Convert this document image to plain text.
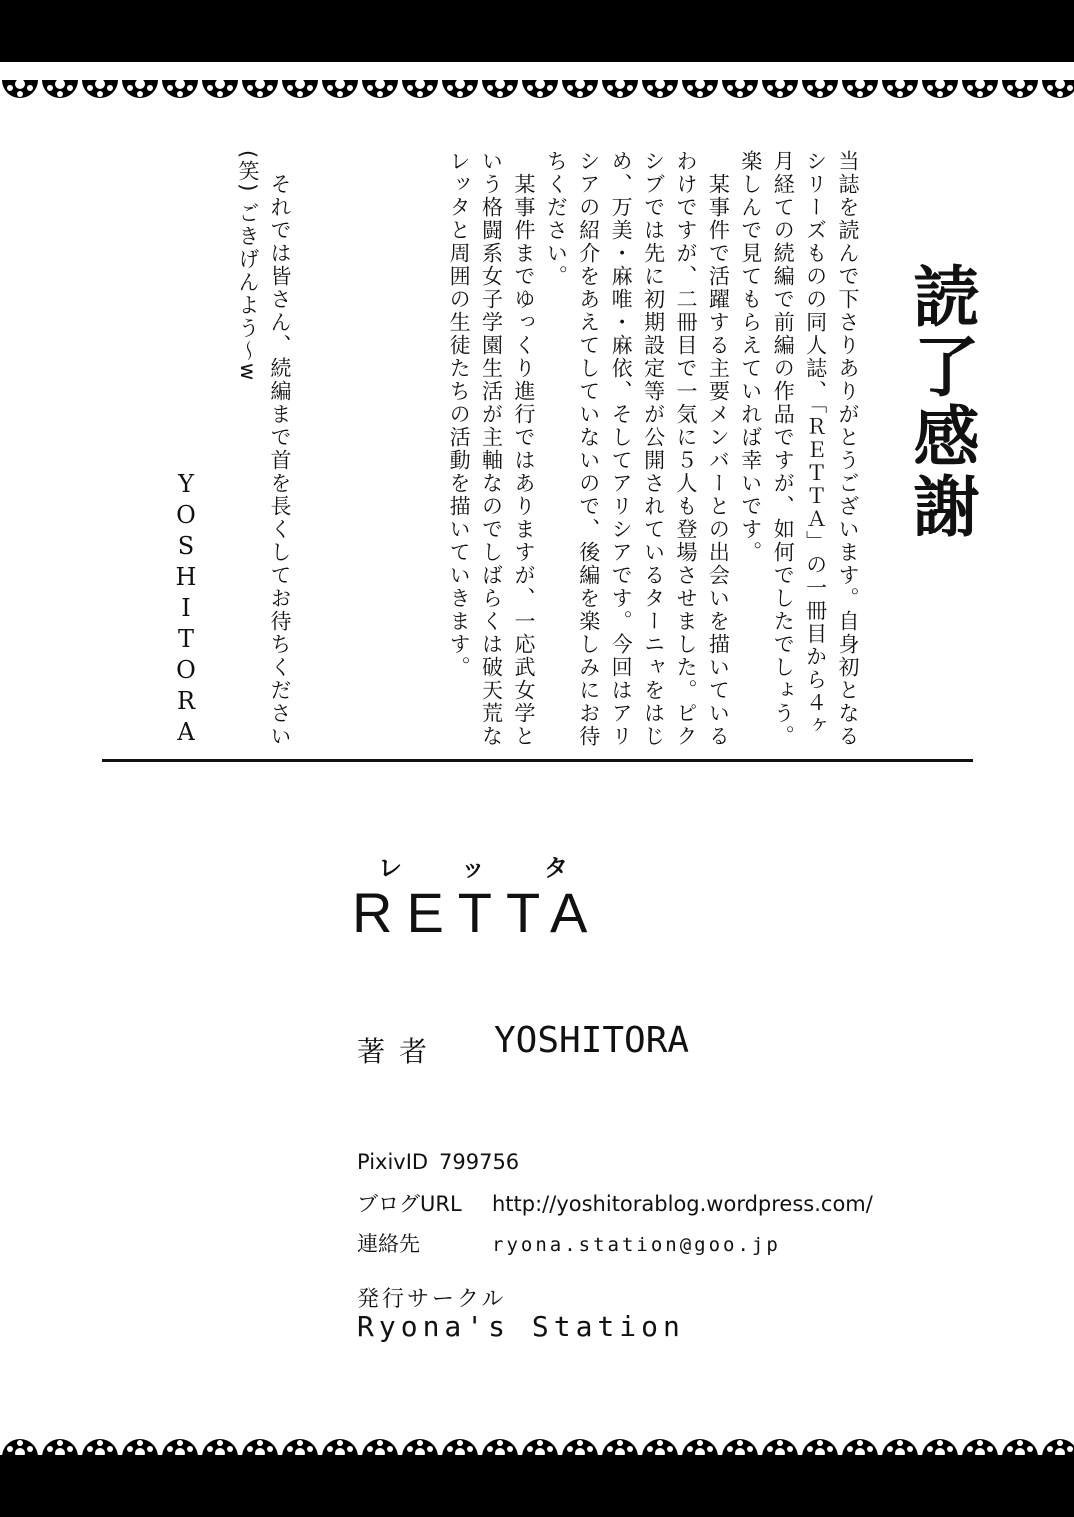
読了感謝

当誌を読んで下さりありがとうございます。自身初となるシリーズものの同人誌、「ＲＥＴＴＡ」の一冊目から４ヶ月経ての続編で前編の作品ですが、如何でしたでしょう。楽しんで見てもらえていれば幸いです。

　某事件で活躍する主要メンバーとの出会いを描いているわけですが、二冊目で一気に５人も登場させました。ピクシブでは先に初期設定等が公開されているターニャをはじめ、万美・麻唯・麻依、そしてアリシアです。今回はアリシアの紹介をあえてしていないので、後編を楽しみにお待ちください。

　某事件までゆっくり進行ではありますが、一応武女学という格闘系女子学園生活が主軸なのでしばらくは破天荒なレッタと周囲の生徒たちの活動を描いていきます。

　それでは皆さん、続編まで首を長くしてお待ちください(笑) ごきげんよう〜w

YOSHITORA
レ ッ タ
RETTA
著者 YOSHITORA
PixivID 799756
ブログURL http://yoshitorablog.wordpress.com/
連絡先	ryona.station@goo.jp
発行サークル
Ryona's Station
